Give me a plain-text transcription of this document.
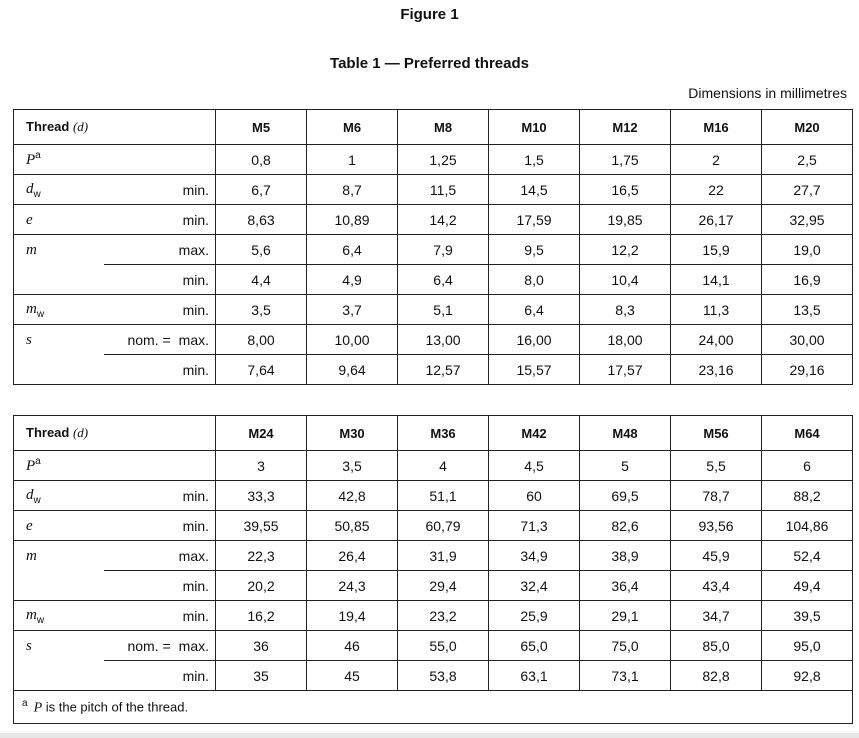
Figure 1
Table 1 — Preferred threads
Dimensions in millimetres
Thread (d)		M5	M6	M8	M10	M12	M16	M20
$P^a$		0,8	1	1,25	1,5	1,75	2	2,5
$d_w$	min.	6,7	8,7	11,5	14,5	16,5	22	27,7
e	min.	8,63	10,89	14,2	17,59	19,85	26,17	32,95
m	max.	5,6	6,4	7,9	9,5	12,2	15,9	19,0
	min.	4,4	4,9	6,4	8,0	10,4	14,1	16,9
$m_w$	min.	3,5	3,7	5,1	6,4	8,3	11,3	13,5
s	nom. = max.	8,00	10,00	13,00	16,00	18,00	24,00	30,00
	min.	7,64	9,64	12,57	15,57	17,57	23,16	29,16
Thread (d)		M24	M30	M36	M42	M48	M56	M64
$P^a$		3	3,5	4	4,5	5	5,5	6
$d_w$	min.	33,3	42,8	51,1	60	69,5	78,7	88,2
e	min.	39,55	50,85	60,79	71,3	82,6	93,56	104,86
m	max.	22,3	26,4	31,9	34,9	38,9	45,9	52,4
	min.	20,2	24,3	29,4	32,4	36,4	43,4	49,4
$m_w$	min.	16,2	19,4	23,2	25,9	29,1	34,7	39,5
s	nom. = max.	36	46	55,0	65,0	75,0	85,0	95,0
	min.	35	45	53,8	63,1	73,1	82,8	92,8
$^a$ P is the pitch of the thread.								
